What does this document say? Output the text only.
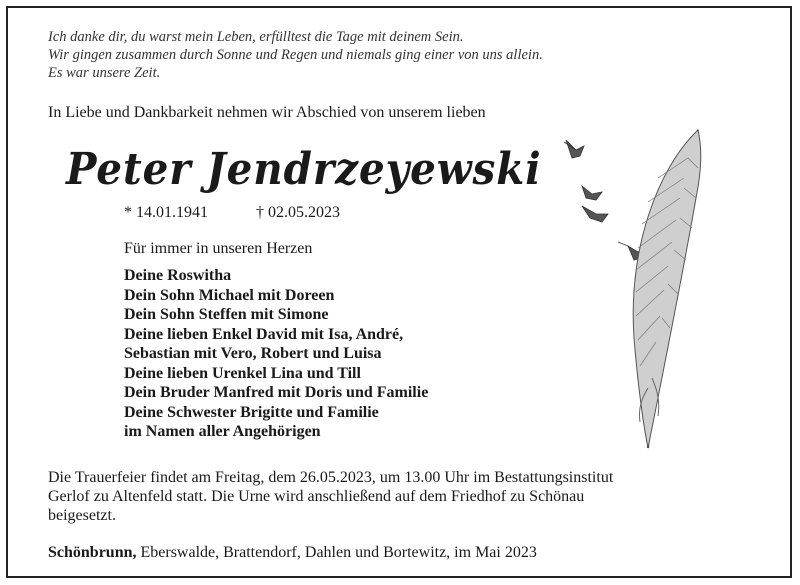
Ich danke dir, du warst mein Leben, erfülltest die Tage mit deinem Sein.
Wir gingen zusammen durch Sonne und Regen und niemals ging einer von uns allein.
Es war unsere Zeit.
In Liebe und Dankbarkeit nehmen wir Abschied von unserem lieben
Peter Jendrzeyewski
* 14.01.1941	† 02.05.2023
Für immer in unseren Herzen
Deine Roswitha
Dein Sohn Michael mit Doreen
Dein Sohn Steffen mit Simone
Deine lieben Enkel David mit Isa, André,
Sebastian mit Vero, Robert und Luisa
Deine lieben Urenkel Lina und Till
Dein Bruder Manfred mit Doris und Familie
Deine Schwester Brigitte und Familie
im Namen aller Angehörigen
Die Trauerfeier findet am Freitag, dem 26.05.2023, um 13.00 Uhr im Bestattungsinstitut
Gerlof zu Altenfeld statt. Die Urne wird anschließend auf dem Friedhof zu Schönau
beigesetzt.
Schönbrunn, Eberswalde, Brattendorf, Dahlen und Bortewitz, im Mai 2023
